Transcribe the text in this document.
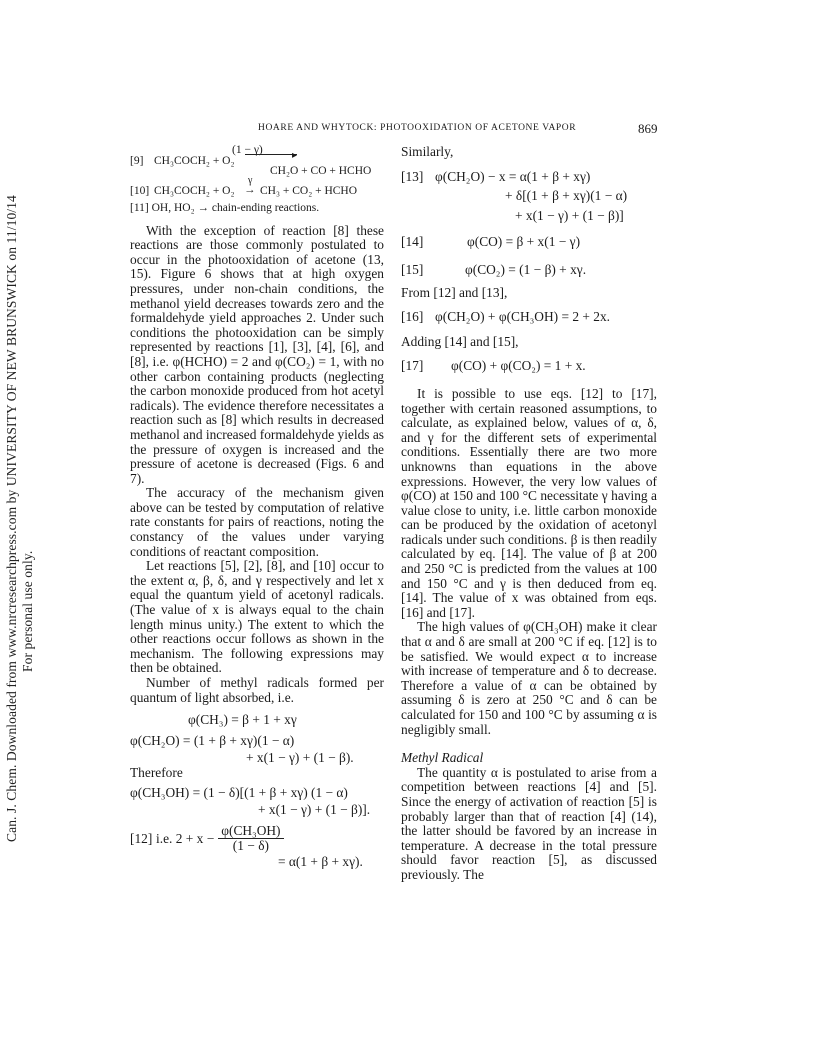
Can. J. Chem. Downloaded from www.nrcresearchpress.com by UNIVERSITY OF NEW BRUNSWICK on 11/10/14 For personal use only.
HOARE AND WHYTOCK: PHOTOOXIDATION OF ACETONE VAPOR	869
(1 − γ)
[9] CH₃COCH₂ + O₂	▸
CH₂O + CO + HCHO
[10] CH₃COCH₂ + O₂
γ
→ CH₃ + CO₂ + HCHO
[11] OH, HO₂ → chain-ending reactions.

With the exception of reaction [8] these reactions are those commonly postulated to occur in the photooxidation of acetone (13, 15). Figure 6 shows that at high oxygen pressures, under non-chain conditions, the methanol yield decreases towards zero and the formaldehyde yield approaches 2. Under such conditions the photooxidation can be simply represented by reactions [1], [3], [4], [6], and [8], i.e. φ(HCHO) = 2 and φ(CO₂) = 1, with no other carbon containing products (neglecting the carbon monoxide produced from hot acetyl radicals). The evidence therefore necessitates a reaction such as [8] which results in decreased methanol and increased formaldehyde yields as the pressure of oxygen is increased and the pressure of acetone is decreased (Figs. 6 and 7).

The accuracy of the mechanism given above can be tested by computation of relative rate constants for pairs of reactions, noting the constancy of the values under varying conditions of reactant composition.

Let reactions [5], [2], [8], and [10] occur to the extent α, β, δ, and γ respectively and let x equal the quantum yield of acetonyl radicals. (The value of x is always equal to the chain length minus unity.) The extent to which the other reactions occur follows as shown in the mechanism. The following expressions may then be obtained.

Number of methyl radicals formed per quantum of light absorbed, i.e.

φ(CH₃) = β + 1 + xγ
φ(CH₂O) = (1 + β + xγ)(1 − α)
+ x(1 − γ) + (1 − β).
Therefore
φ(CH₃OH) = (1 − δ)[(1 + β + xγ) (1 − α)
+ x(1 − γ) + (1 − β)].
[12] i.e. $2 + x - \frac{\text{φ(CH₃OH)}}{(1 - \delta)}$
= α(1 + β + xγ).
Similarly,
[13] φ(CH₂O) − x = α(1 + β + xγ)
+ δ[(1 + β + xγ)(1 − α)
+ x(1 − γ) + (1 − β)]
[14]	φ(CO) = β + x(1 − γ)
[15]	φ(CO₂) = (1 − β) + xγ.
From [12] and [13],
[16] φ(CH₂O) + φ(CH₃OH) = 2 + 2x.
Adding [14] and [15],
[17]	φ(CO) + φ(CO₂) = 1 + x.

It is possible to use eqs. [12] to [17], together with certain reasoned assumptions, to calculate, as explained below, values of α, δ, and γ for the different sets of experimental conditions. Essentially there are two more unknowns than equations in the above expressions. However, the very low values of φ(CO) at 150 and 100 °C necessitate γ having a value close to unity, i.e. little carbon monoxide can be produced by the oxidation of acetonyl radicals under such conditions. β is then readily calculated by eq. [14]. The value of β at 200 and 250 °C is predicted from the values at 100 and 150 °C and γ is then deduced from eq. [14]. The value of x was obtained from eqs. [16] and [17].

The high values of φ(CH₃OH) make it clear that α and δ are small at 200 °C if eq. [12] is to be satisfied. We would expect α to increase with increase of temperature and δ to decrease. Therefore a value of α can be obtained by assuming δ is zero at 250 °C and δ can be calculated for 150 and 100 °C by assuming α is negligibly small.

Methyl Radical

The quantity α is postulated to arise from a competition between reactions [4] and [5]. Since the energy of activation of reaction [5] is probably larger than that of reaction [4] (14), the latter should be favored by an increase in temperature. A decrease in the total pressure should favor reaction [5], as discussed previously. The
